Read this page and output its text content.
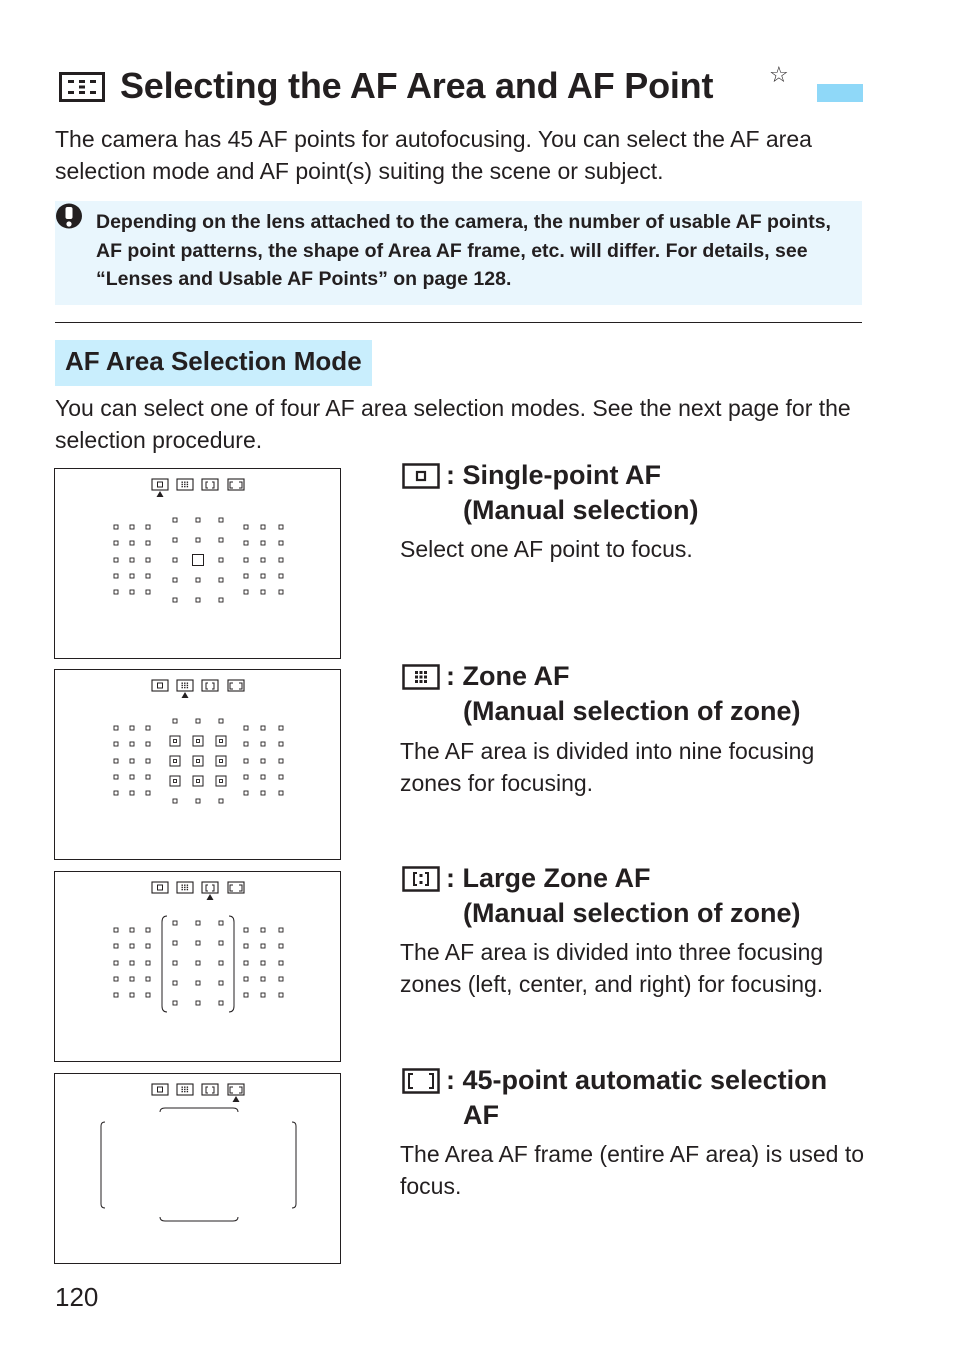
Selecting the AF Area and AF Point	☆
The camera has 45 AF points for autofocusing. You can select the AF area selection mode and AF point(s) suiting the scene or subject.
Depending on the lens attached to the camera, the number of usable AF points, AF point patterns, the shape of Area AF frame, etc. will differ. For details, see “Lenses and Usable AF Points” on page 128.
AF Area Selection Mode
You can select one of four AF area selection modes. See the next page for the selection procedure.
: Single-point AF
(Manual selection)
Select one AF point to focus.
: Zone AF
(Manual selection of zone)
The AF area is divided into nine focusing zones for focusing.
: Large Zone AF
(Manual selection of zone)
The AF area is divided into three focusing zones (left, center, and right) for focusing.
: 45-point automatic selection
AF
The Area AF frame (entire AF area) is used to focus.
120
